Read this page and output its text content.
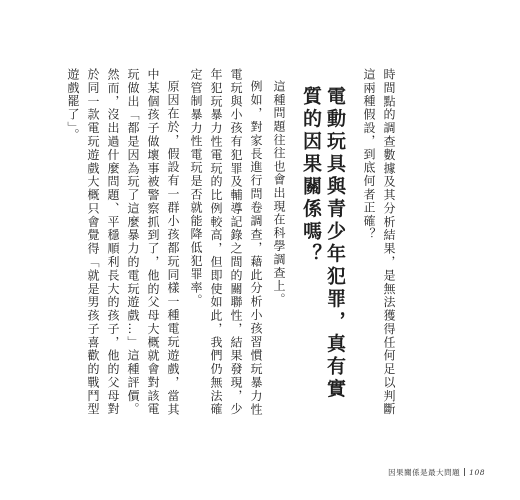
時間點的調查數據及其分析結果，是無法獲得任何足以判斷這兩種假設，到底何者正確？

電動玩具與青少年犯罪，真有實質的因果關係嗎？

這種問題往往也會出現在科學調查上。

例如，對家長進行問卷調查，藉此分析小孩習慣玩暴力性電玩與小孩有犯罪及輔導記錄之間的關聯性，結果發現，少年犯玩暴力性電玩的比例較高，但即使如此，我們仍無法確定管制暴力性電玩是否就能降低犯罪率。

原因在於，假設有一群小孩都玩同樣一種電玩遊戲，當其中某個孩子做壞事被警察抓到了，他的父母大概就會對該電玩做出「都是因為玩了這麼暴力的電玩遊戲…」這種評價。然而，沒出過什麼問題、平穩順利長大的孩子，他的父母對於同一款電玩遊戲大概只會覺得「就是男孩子喜歡的戰鬥型遊戲罷了」。

因果關係是最大問題 108
